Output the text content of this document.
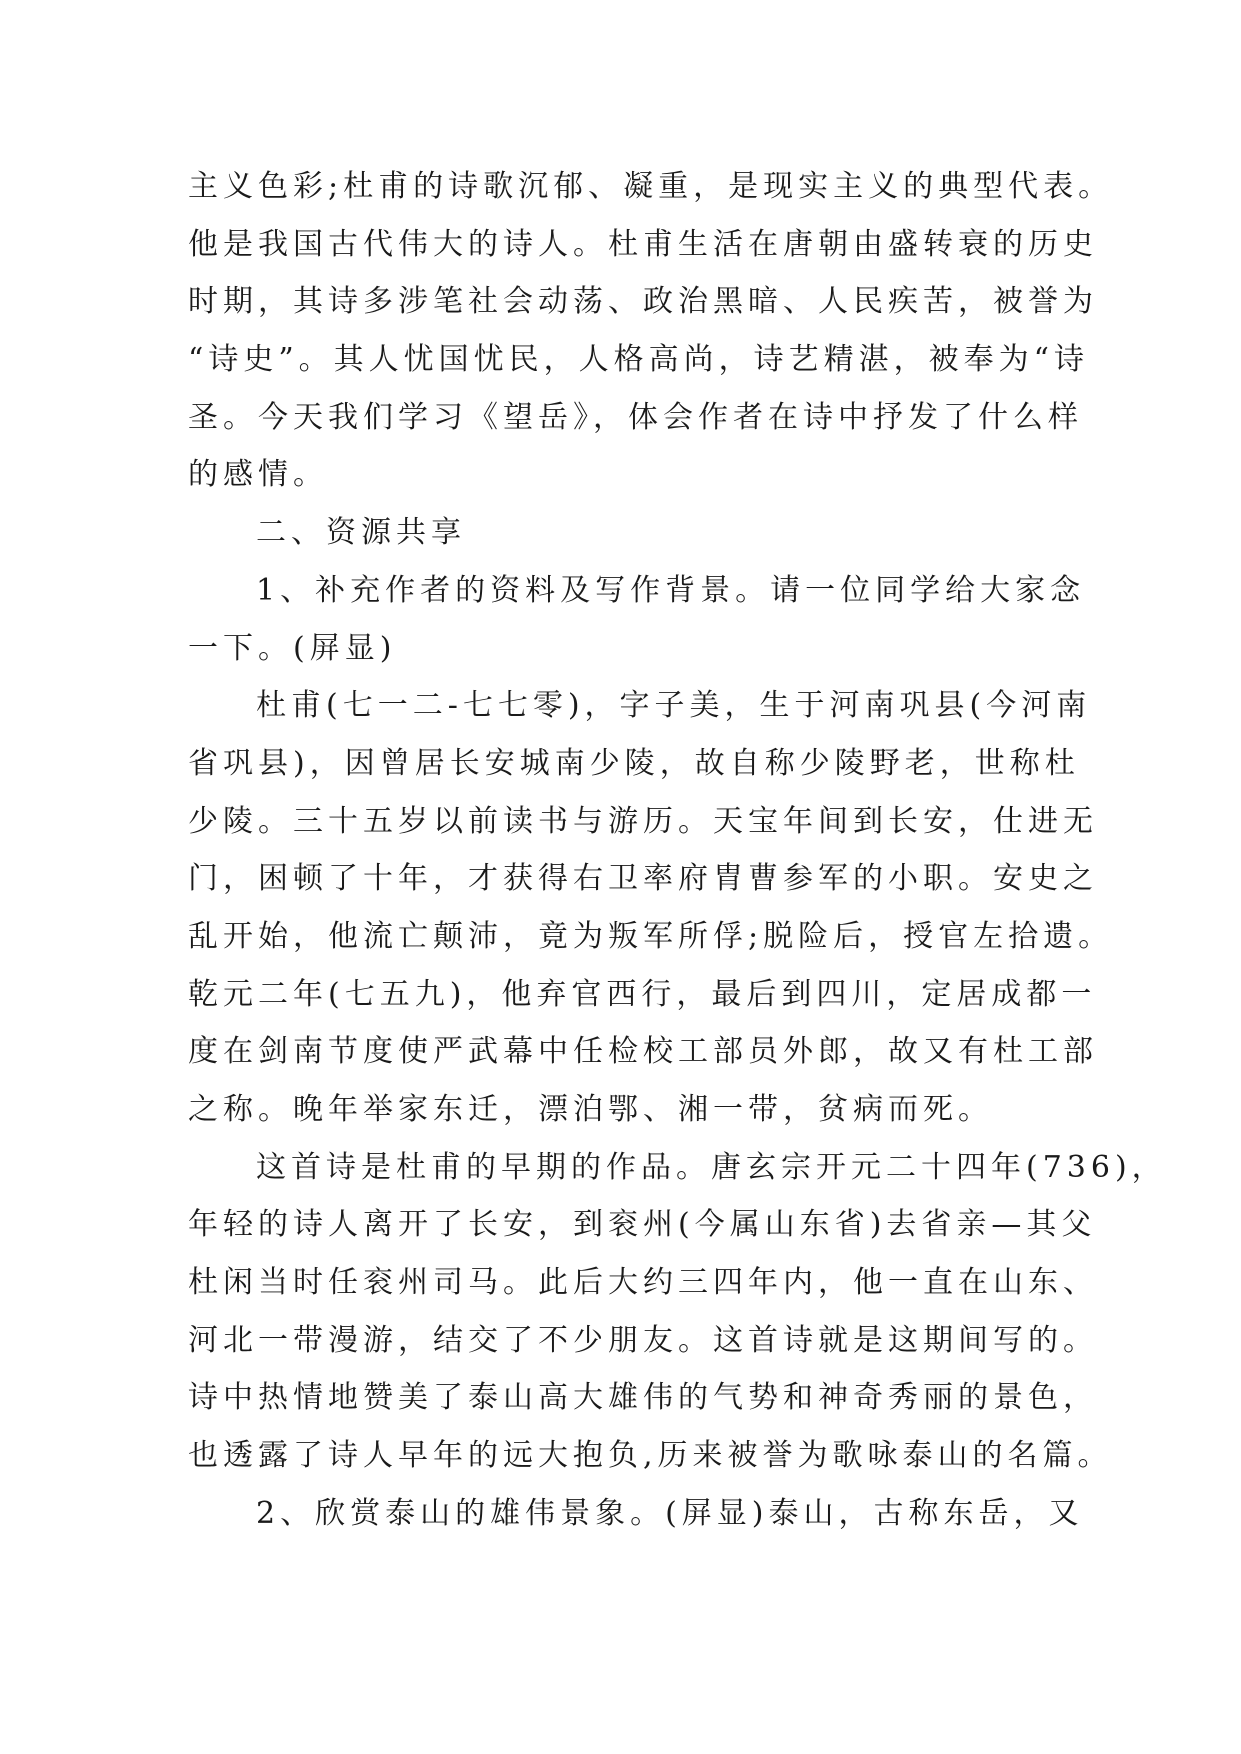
主义色彩;杜甫的诗歌沉郁、凝重，是现实主义的典型代表。
他是我国古代伟大的诗人。杜甫生活在唐朝由盛转衰的历史
时期，其诗多涉笔社会动荡、政治黑暗、人民疾苦，被誉为
“诗史”。其人忧国忧民，人格高尚，诗艺精湛，被奉为“诗
圣。今天我们学习《望岳》，体会作者在诗中抒发了什么样
的感情。
二、资源共享
1、补充作者的资料及写作背景。请一位同学给大家念
一下。(屏显)
杜甫(七一二-七七零)，字子美，生于河南巩县(今河南
省巩县)，因曾居长安城南少陵，故自称少陵野老，世称杜
少陵。三十五岁以前读书与游历。天宝年间到长安，仕进无
门，困顿了十年，才获得右卫率府胄曹参军的小职。安史之
乱开始，他流亡颠沛，竟为叛军所俘;脱险后，授官左拾遗。
乾元二年(七五九)，他弃官西行，最后到四川，定居成都一
度在剑南节度使严武幕中任检校工部员外郎，故又有杜工部
之称。晚年举家东迁，漂泊鄂、湘一带，贫病而死。
这首诗是杜甫的早期的作品。唐玄宗开元二十四年(736)，
年轻的诗人离开了长安，到衮州(今属山东省)去省亲—其父
杜闲当时任衮州司马。此后大约三四年内，他一直在山东、
河北一带漫游，结交了不少朋友。这首诗就是这期间写的。
诗中热情地赞美了泰山高大雄伟的气势和神奇秀丽的景色，
也透露了诗人早年的远大抱负,历来被誉为歌咏泰山的名篇。
2、欣赏泰山的雄伟景象。(屏显)泰山，古称东岳，又
